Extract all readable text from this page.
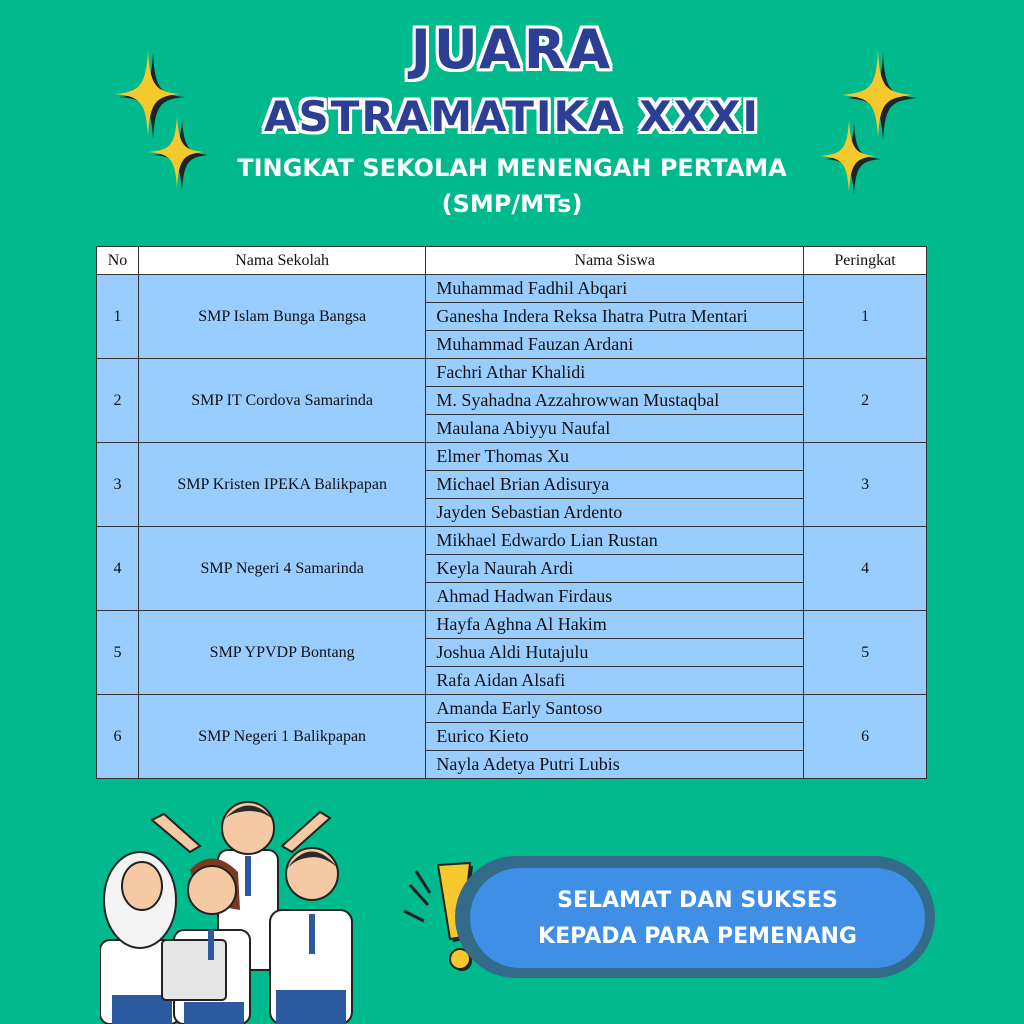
JUARA
ASTRAMATIKA XXXI
TINGKAT SEKOLAH MENENGAH PERTAMA
(SMP/MTs)
No	Nama Sekolah	Nama Siswa	Peringkat
1	SMP Islam Bunga Bangsa	Muhammad Fadhil Abqari	1
		Ganesha Indera Reksa Ihatra Putra Mentari	
		Muhammad Fauzan Ardani	
2	SMP IT Cordova Samarinda	Fachri Athar Khalidi	2
		M. Syahadna Azzahrowwan Mustaqbal	
		Maulana Abiyyu Naufal	
3	SMP Kristen IPEKA Balikpapan	Elmer Thomas Xu	3
		Michael Brian Adisurya	
		Jayden Sebastian Ardento	
4	SMP Negeri 4 Samarinda	Mikhael Edwardo Lian Rustan	4
		Keyla Naurah Ardi	
		Ahmad Hadwan Firdaus	
5	SMP YPVDP Bontang	Hayfa Aghna Al Hakim	5
		Joshua Aldi Hutajulu	
		Rafa Aidan Alsafi	
6	SMP Negeri 1 Balikpapan	Amanda Early Santoso	6
		Eurico Kieto	
		Nayla Adetya Putri Lubis	
SELAMAT DAN SUKSES
KEPADA PARA PEMENANG
